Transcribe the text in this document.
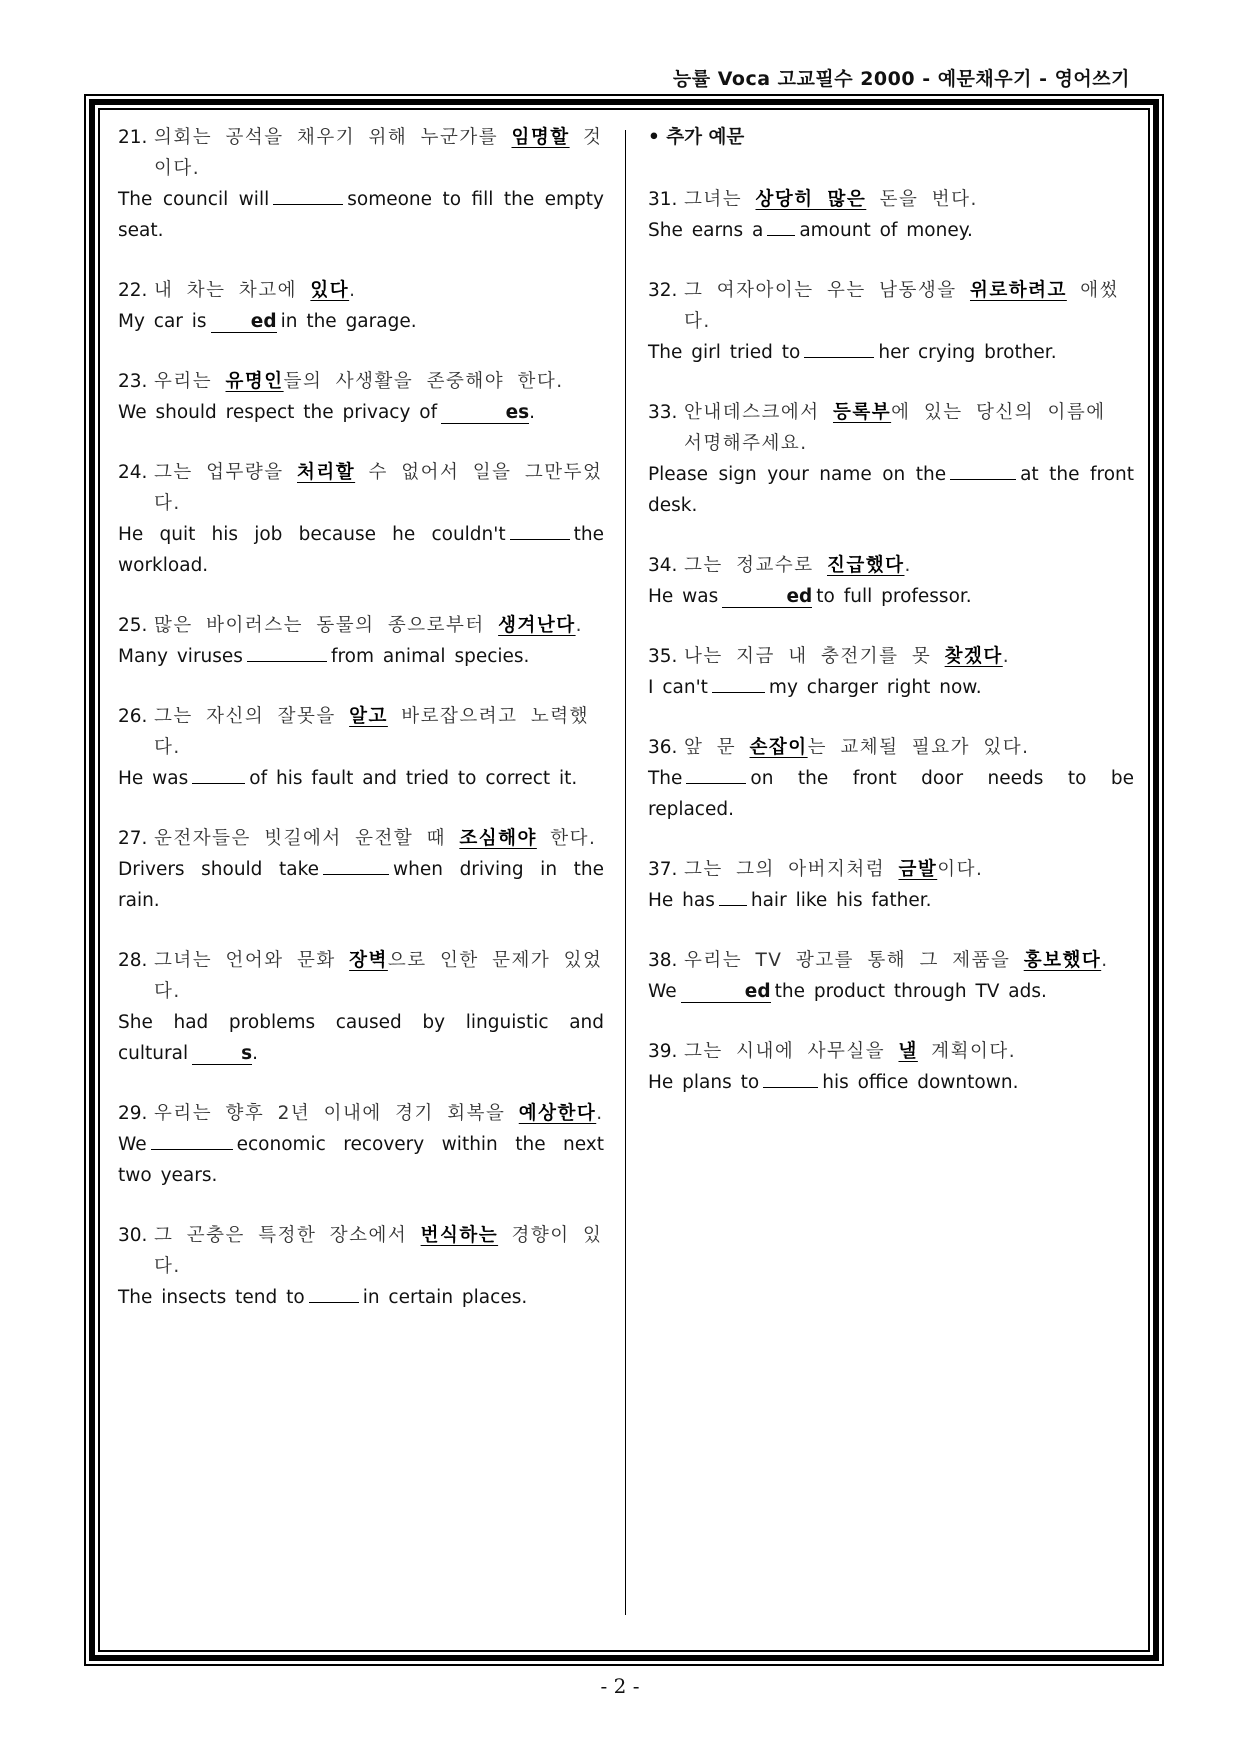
능률 Voca 고교필수 2000 - 예문채우기 - 영어쓰기
21. 의회는 공석을 채우기 위해 누군가를 임명할 것이다.
The council will	someone to fill the empty seat.
22. 내 차는 차고에 있다.
My car is ed in the garage.
23. 우리는 유명인들의 사생활을 존중해야 한다.
We should respect the privacy of	es.
24. 그는 업무량을 처리할 수 없어서 일을 그만두었다.
He quit his job because he couldn't	the workload.
25. 많은 바이러스는 동물의 종으로부터 생겨난다.
Many viruses	from animal species.
26. 그는 자신의 잘못을 알고 바로잡으려고 노력했다.
He was	of his fault and tried to correct it.
27. 운전자들은 빗길에서 운전할 때 조심해야 한다.
Drivers should take	when driving in the rain.
28. 그녀는 언어와 문화 장벽으로 인한 문제가 있었다.
She had problems caused by linguistic and cultural	s.
29. 우리는 향후 2년 이내에 경기 회복을 예상한다.
We	economic recovery within the next two years.
30. 그 곤충은 특정한 장소에서 번식하는 경향이 있다.
The insects tend to	in certain places.
• 추가 예문
31. 그녀는 상당히 많은 돈을 번다.
She earns a amount of money.
32. 그 여자아이는 우는 남동생을 위로하려고 애썼다.
The girl tried to	her crying brother.
33. 안내데스크에서 등록부에 있는 당신의 이름에 서명해주세요.
Please sign your name on the	at the front desk.
34. 그는 정교수로 진급했다.
He was	ed to full professor.
35. 나는 지금 내 충전기를 못 찾겠다.
I can't	my charger right now.
36. 앞 문 손잡이는 교체될 필요가 있다.
The	on the front door needs to be replaced.
37. 그는 그의 아버지처럼 금발이다.
He has hair like his father.
38. 우리는 TV 광고를 통해 그 제품을 홍보했다.
We	ed the product through TV ads.
39. 그는 시내에 사무실을 낼 계획이다.
He plans to	his office downtown.
- 2 -
